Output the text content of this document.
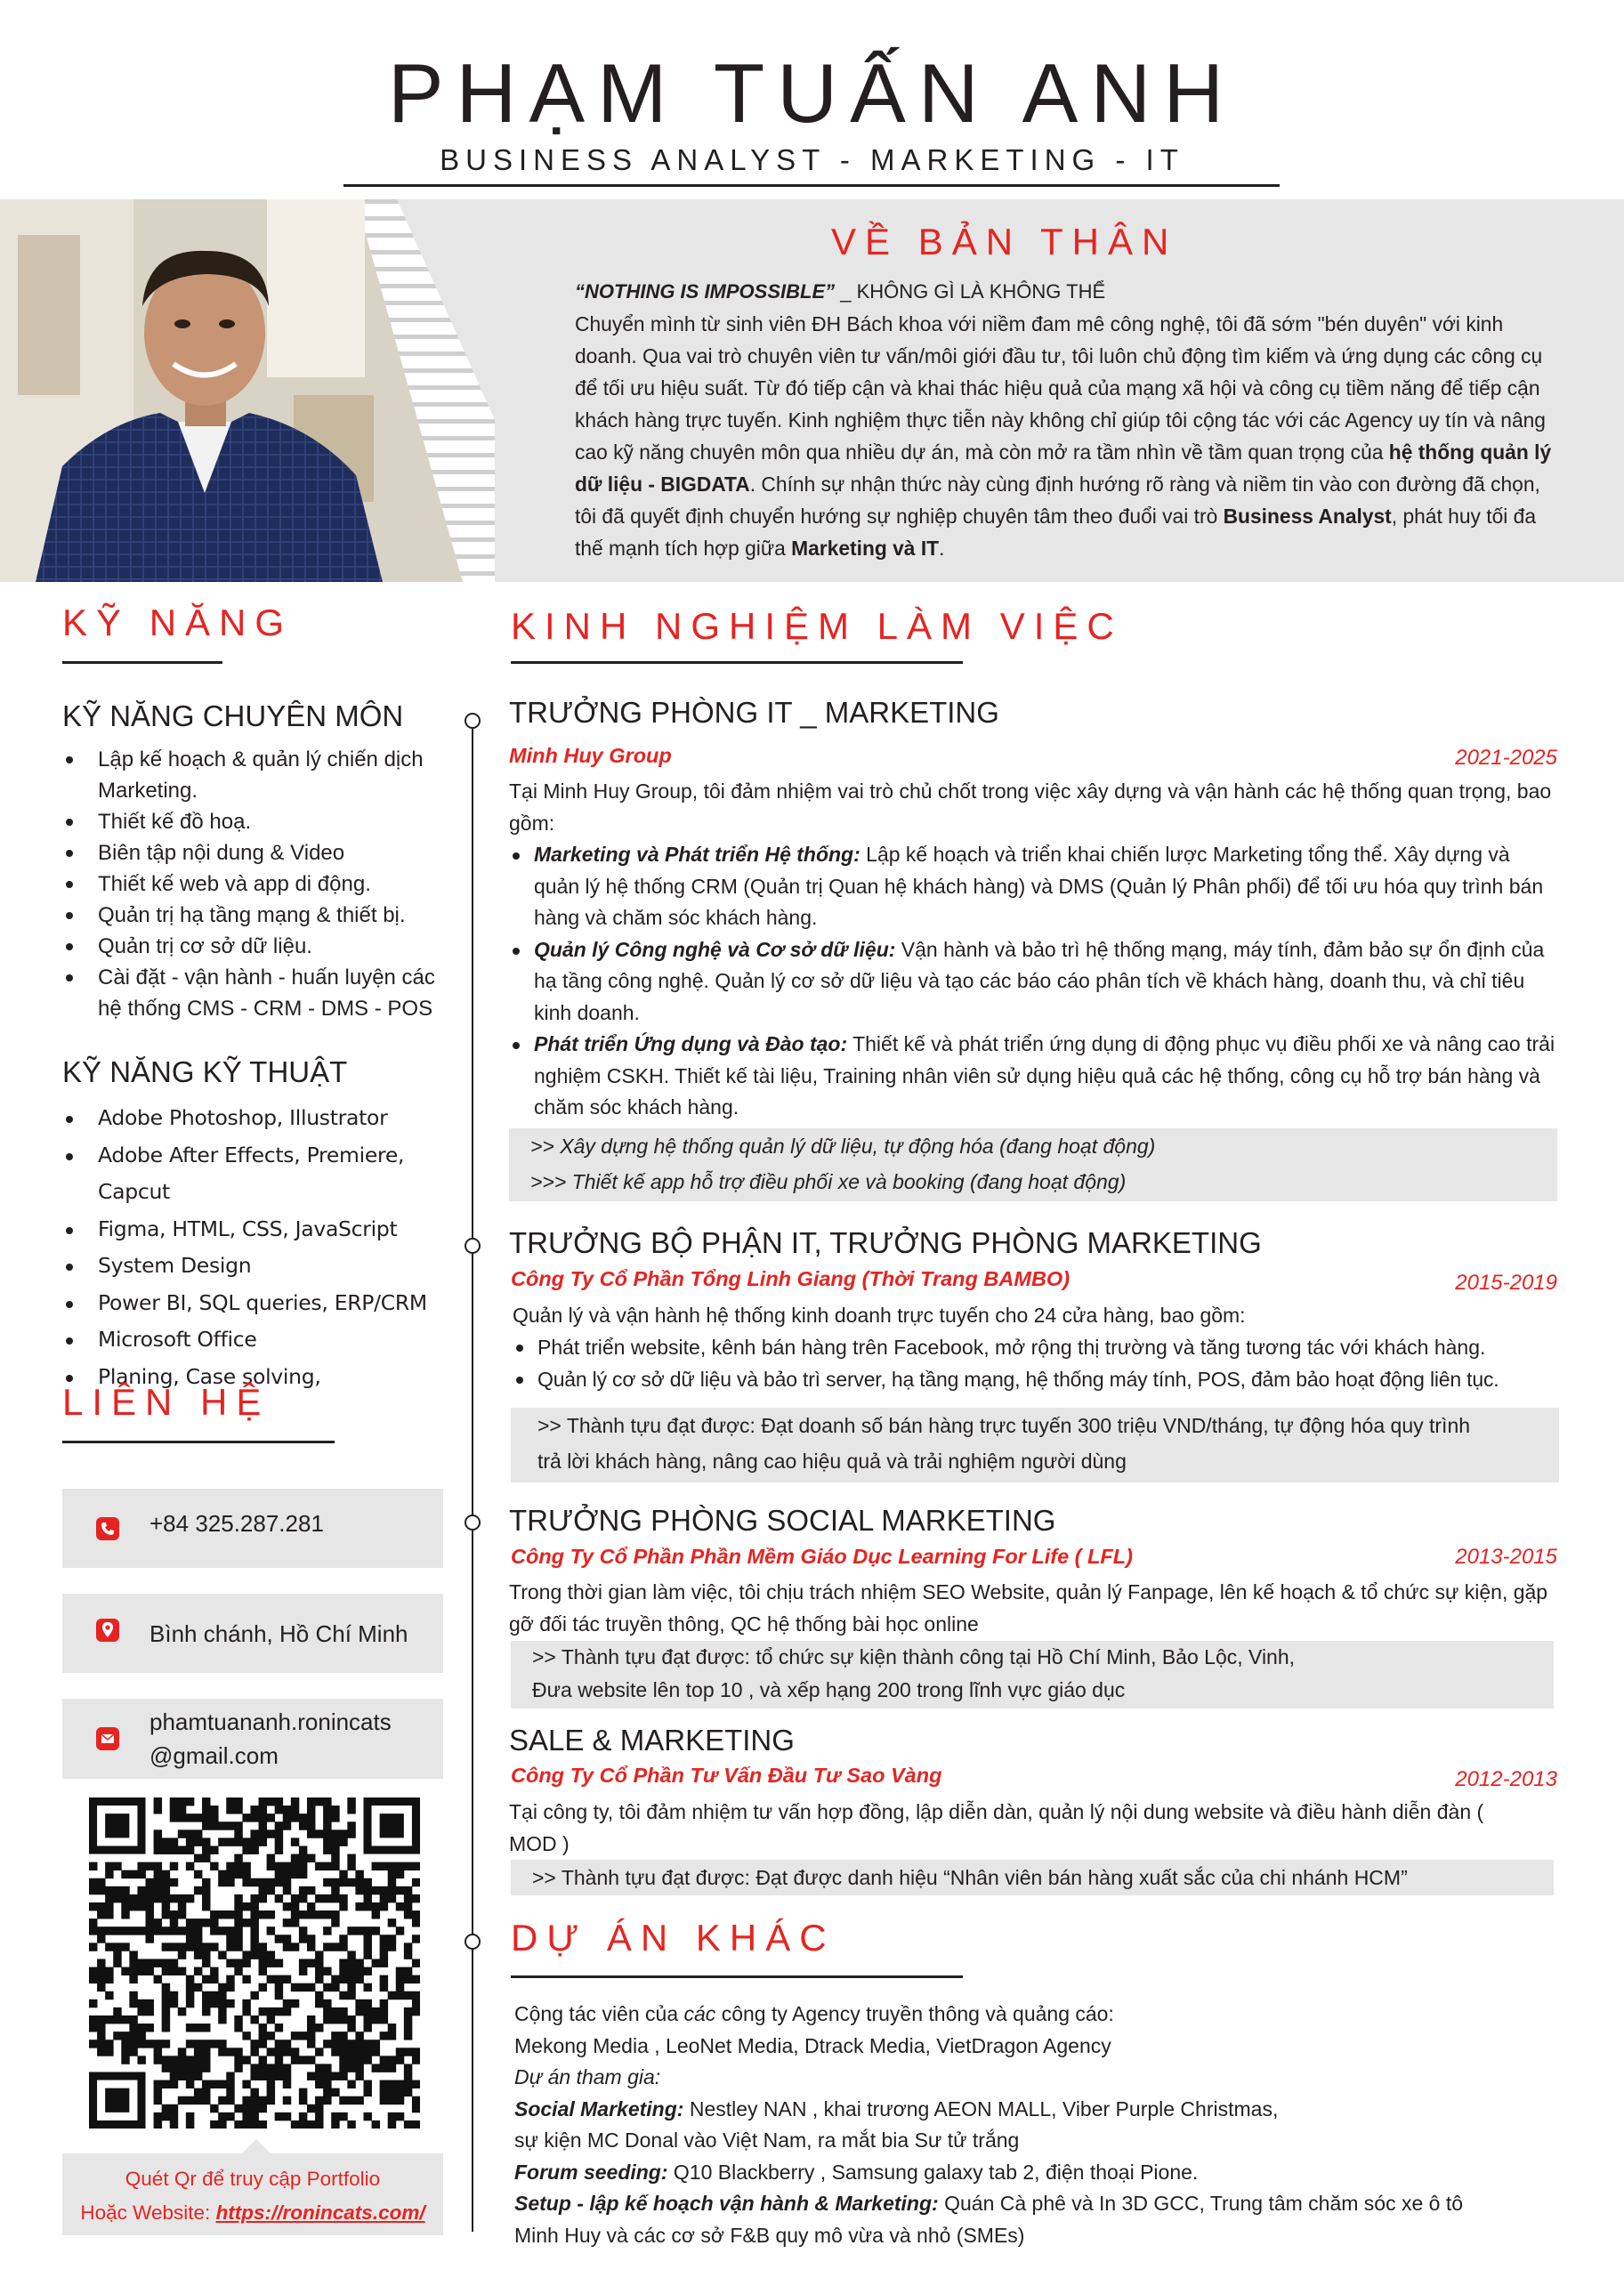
PHẠM TUẤN ANH
BUSINESS ANALYST - MARKETING - IT
VỀ BẢN THÂN

“NOTHING IS IMPOSSIBLE” _ KHÔNG GÌ LÀ KHÔNG THỂ

Chuyển mình từ sinh viên ĐH Bách khoa với niềm đam mê công nghệ, tôi đã sớm "bén duyên" với kinh doanh. Qua vai trò chuyên viên tư vấn/môi giới đầu tư, tôi luôn chủ động tìm kiếm và ứng dụng các công cụ để tối ưu hiệu suất. Từ đó tiếp cận và khai thác hiệu quả của mạng xã hội và công cụ tiềm năng để tiếp cận khách hàng trực tuyến. Kinh nghiệm thực tiễn này không chỉ giúp tôi cộng tác với các Agency uy tín và nâng cao kỹ năng chuyên môn qua nhiều dự án, mà còn mở ra tầm nhìn về tầm quan trọng của hệ thống quản lý dữ liệu - BIGDATA. Chính sự nhận thức này cùng định hướng rõ ràng và niềm tin vào con đường đã chọn, tôi đã quyết định chuyển hướng sự nghiệp chuyên tâm theo đuổi vai trò Business Analyst, phát huy tối đa thế mạnh tích hợp giữa Marketing và IT.

KỸ NĂNG
KỸ NĂNG CHUYÊN MÔN
Lập kế hoạch & quản lý chiến dịch Marketing.
Thiết kế đồ hoạ.
Biên tập nội dung & Video
Thiết kế web và app di động.
Quản trị hạ tầng mạng & thiết bị.
Quản trị cơ sở dữ liệu.
Cài đặt - vận hành - huấn luyện các hệ thống CMS - CRM - DMS - POS
KỸ NĂNG KỸ THUẬT
Adobe Photoshop, Illustrator
Adobe After Effects, Premiere, Capcut
Figma, HTML, CSS, JavaScript
System Design
Power BI, SQL queries, ERP/CRM
Microsoft Office
Planing, Case solving,
LIÊN HỆ
+84 325.287.281
Bình chánh, Hồ Chí Minh
phamtuananh.ronincats
@gmail.com
Quét Qr để truy cập Portfolio
Hoặc Website: https://ronincats.com/
KINH NGHIỆM LÀM VIỆC
TRƯỞNG PHÒNG IT _ MARKETING
Minh Huy Group	2021-2025

Tại Minh Huy Group, tôi đảm nhiệm vai trò chủ chốt trong việc xây dựng và vận hành các hệ thống quan trọng, bao gồm:

Marketing và Phát triển Hệ thống: Lập kế hoạch và triển khai chiến lược Marketing tổng thể. Xây dựng và quản lý hệ thống CRM (Quản trị Quan hệ khách hàng) và DMS (Quản lý Phân phối) để tối ưu hóa quy trình bán hàng và chăm sóc khách hàng.

Quản lý Công nghệ và Cơ sở dữ liệu: Vận hành và bảo trì hệ thống mạng, máy tính, đảm bảo sự ổn định của hạ tầng công nghệ. Quản lý cơ sở dữ liệu và tạo các báo cáo phân tích về khách hàng, doanh thu, và chỉ tiêu kinh doanh.

Phát triển Ứng dụng và Đào tạo: Thiết kế và phát triển ứng dụng di động phục vụ điều phối xe và nâng cao trải nghiệm CSKH. Thiết kế tài liệu, Training nhân viên sử dụng hiệu quả các hệ thống, công cụ hỗ trợ bán hàng và chăm sóc khách hàng.

>> Xây dựng hệ thống quản lý dữ liệu, tự động hóa (đang hoạt động)
>>> Thiết kế app hỗ trợ điều phối xe và booking (đang hoạt động)
TRƯỞNG BỘ PHẬN IT, TRƯỞNG PHÒNG MARKETING
Công Ty Cổ Phần Tổng Linh Giang (Thời Trang BAMBO)	2015-2019

Quản lý và vận hành hệ thống kinh doanh trực tuyến cho 24 cửa hàng, bao gồm:

Phát triển website, kênh bán hàng trên Facebook, mở rộng thị trường và tăng tương tác với khách hàng.

Quản lý cơ sở dữ liệu và bảo trì server, hạ tầng mạng, hệ thống máy tính, POS, đảm bảo hoạt động liên tục.

>> Thành tựu đạt được: Đạt doanh số bán hàng trực tuyến 300 triệu VND/tháng, tự động hóa quy trình
trả lời khách hàng, nâng cao hiệu quả và trải nghiệm người dùng
TRƯỞNG PHÒNG SOCIAL MARKETING
Công Ty Cổ Phần Phần Mềm Giáo Dục Learning For Life ( LFL)	2013-2015
Trong thời gian làm việc, tôi chịu trách nhiệm SEO Website, quản lý Fanpage, lên kế hoạch & tổ chức sự kiện, gặp gỡ đối tác truyền thông, QC hệ thống bài học online
>> Thành tựu đạt được: tổ chức sự kiện thành công tại Hồ Chí Minh, Bảo Lộc, Vinh,
Đưa website lên top 10 , và xếp hạng 200 trong lĩnh vực giáo dục
SALE & MARKETING
Công Ty Cổ Phần Tư Vấn Đầu Tư Sao Vàng	2012-2013
Tại công ty, tôi đảm nhiệm tư vấn hợp đồng, lập diễn dàn, quản lý nội dung website và điều hành diễn đàn ( MOD )
>> Thành tựu đạt được: Đạt được danh hiệu “Nhân viên bán hàng xuất sắc của chi nhánh HCM”
DỰ ÁN KHÁC

Cộng tác viên của các công ty Agency truyền thông và quảng cáo:

Mekong Media , LeoNet Media, Dtrack Media, VietDragon Agency

Dự án tham gia:

Social Marketing: Nestley NAN , khai trương AEON MALL, Viber Purple Christmas,

sự kiện MC Donal vào Việt Nam, ra mắt bia Sư tử trắng

Forum seeding: Q10 Blackberry , Samsung galaxy tab 2, điện thoại Pione.

Setup - lập kế hoạch vận hành & Marketing: Quán Cà phê và In 3D GCC, Trung tâm chăm sóc xe ô tô

Minh Huy và các cơ sở F&B quy mô vừa và nhỏ (SMEs)
